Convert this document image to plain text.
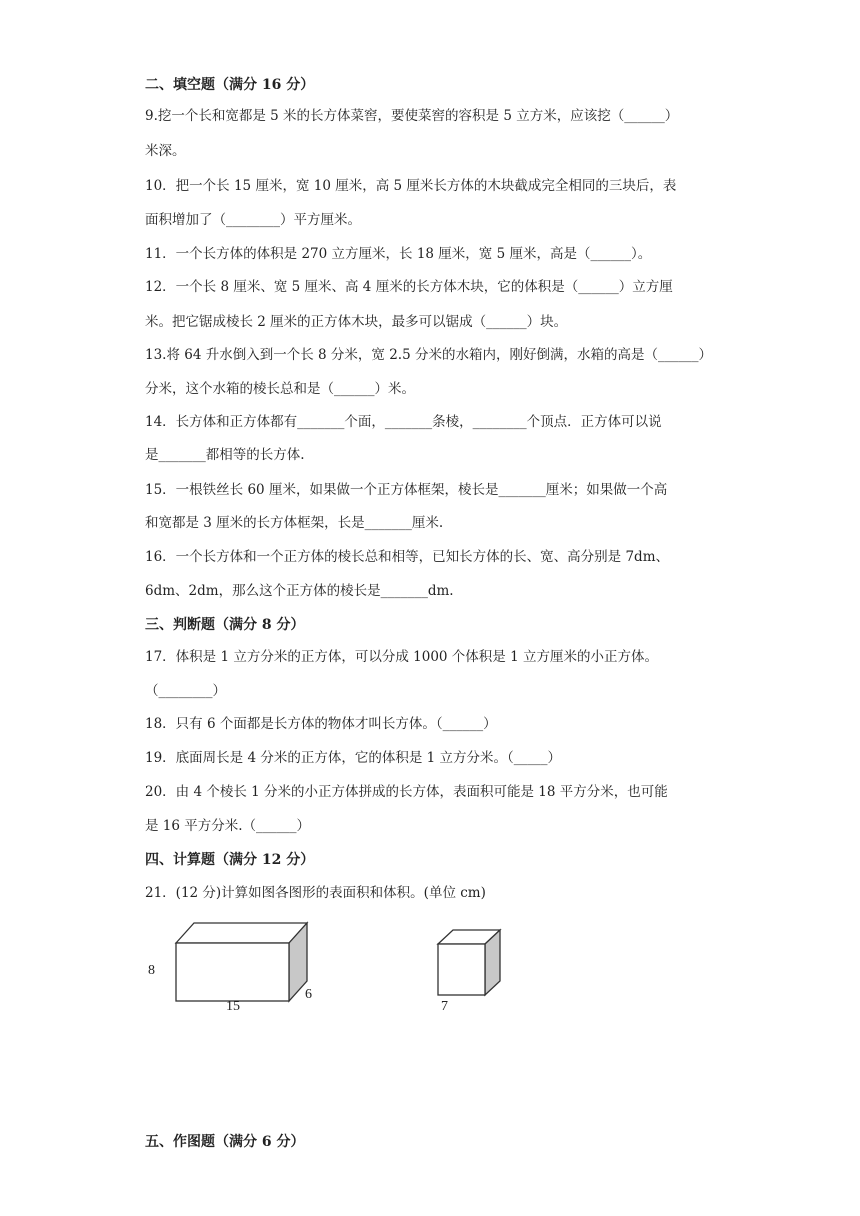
二、填空题（满分 16 分）
9.挖一个长和宽都是 5 米的长方体菜窖，要使菜窖的容积是 5 立方米，应该挖（______）
米深。
10．把一个长 15 厘米，宽 10 厘米，高 5 厘米长方体的木块截成完全相同的三块后，表
面积增加了（________）平方厘米。
11．一个长方体的体积是 270 立方厘米，长 18 厘米，宽 5 厘米，高是（______）。
12．一个长 8 厘米、宽 5 厘米、高 4 厘米的长方体木块，它的体积是（______）立方厘
米。把它锯成棱长 2 厘米的正方体木块，最多可以锯成（______）块。
13.将 64 升水倒入到一个长 8 分米，宽 2.5 分米的水箱内，刚好倒满，水箱的高是（______）
分米，这个水箱的棱长总和是（______）米。
14．长方体和正方体都有_______个面，_______条棱，________个顶点．正方体可以说
是_______都相等的长方体.
15．一根铁丝长 60 厘米，如果做一个正方体框架，棱长是_______厘米；如果做一个高
和宽都是 3 厘米的长方体框架，长是_______厘米.
16．一个长方体和一个正方体的棱长总和相等，已知长方体的长、宽、高分别是 7dm、
6dm、2dm，那么这个正方体的棱长是_______dm.
三、判断题（满分 8 分）
17．体积是 1 立方分米的正方体，可以分成 1000 个体积是 1 立方厘米的小正方体。
（________）
18．只有 6 个面都是长方体的物体才叫长方体。（______）
19．底面周长是 4 分米的正方体，它的体积是 1 立方分米。（_____）
20．由 4 个棱长 1 分米的小正方体拼成的长方体，表面积可能是 18 平方分米，也可能
是 16 平方分米.（______）
四、计算题（满分 12 分）
21．(12 分)计算如图各图形的表面积和体积。(单位 cm)
8
15
6
7
五、作图题（满分 6 分）
